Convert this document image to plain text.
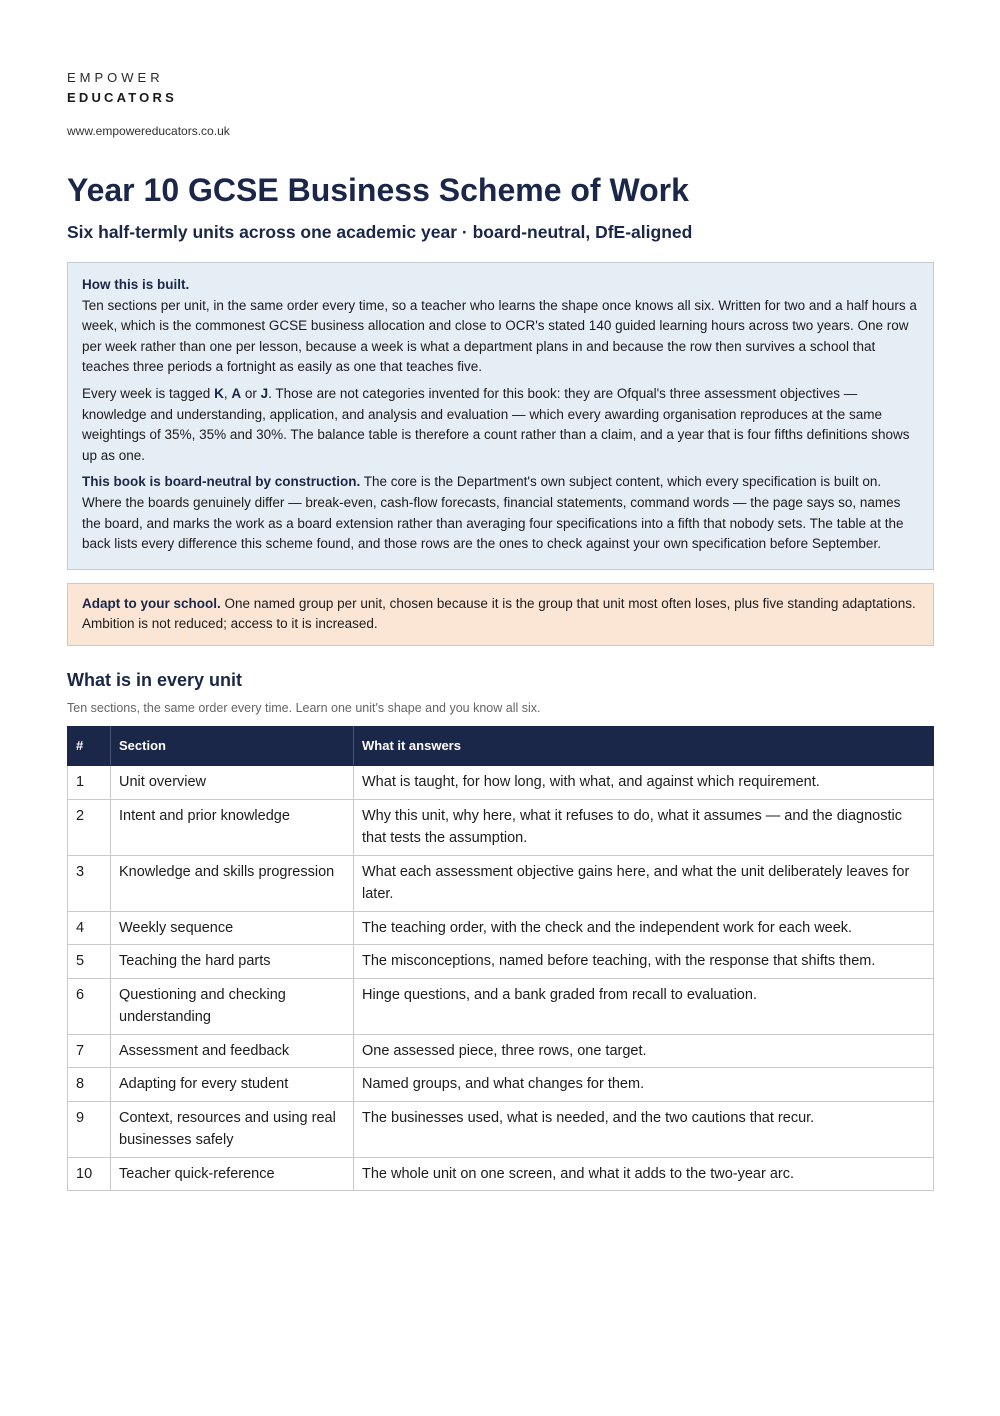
EMPOWER
EDUCATORS
www.empowereducators.co.uk
Year 10 GCSE Business Scheme of Work
Six half-termly units across one academic year · board-neutral, DfE-aligned

How this is built.
Ten sections per unit, in the same order every time, so a teacher who learns the shape once knows all six. Written for two and a half hours a week, which is the commonest GCSE business allocation and close to OCR's stated 140 guided learning hours across two years. One row per week rather than one per lesson, because a week is what a department plans in and because the row then survives a school that teaches three periods a fortnight as easily as one that teaches five.

Every week is tagged K, A or J. Those are not categories invented for this book: they are Ofqual's three assessment objectives — knowledge and understanding, application, and analysis and evaluation — which every awarding organisation reproduces at the same weightings of 35%, 35% and 30%. The balance table is therefore a count rather than a claim, and a year that is four fifths definitions shows up as one.

This book is board-neutral by construction. The core is the Department's own subject content, which every specification is built on. Where the boards genuinely differ — break-even, cash-flow forecasts, financial statements, command words — the page says so, names the board, and marks the work as a board extension rather than averaging four specifications into a fifth that nobody sets. The table at the back lists every difference this scheme found, and those rows are the ones to check against your own specification before September.

Adapt to your school. One named group per unit, chosen because it is the group that unit most often loses, plus five standing adaptations. Ambition is not reduced; access to it is increased.
What is in every unit
Ten sections, the same order every time. Learn one unit's shape and you know all six.
#	Section	What it answers
1	Unit overview	What is taught, for how long, with what, and against which requirement.
2	Intent and prior knowledge	Why this unit, why here, what it refuses to do, what it assumes — and the diagnostic that tests the assumption.
3	Knowledge and skills progression	What each assessment objective gains here, and what the unit deliberately leaves for later.
4	Weekly sequence	The teaching order, with the check and the independent work for each week.
5	Teaching the hard parts	The misconceptions, named before teaching, with the response that shifts them.
6	Questioning and checking understanding	Hinge questions, and a bank graded from recall to evaluation.
7	Assessment and feedback	One assessed piece, three rows, one target.
8	Adapting for every student	Named groups, and what changes for them.
9	Context, resources and using real businesses safely	The businesses used, what is needed, and the two cautions that recur.
10	Teacher quick-reference	The whole unit on one screen, and what it adds to the two-year arc.
